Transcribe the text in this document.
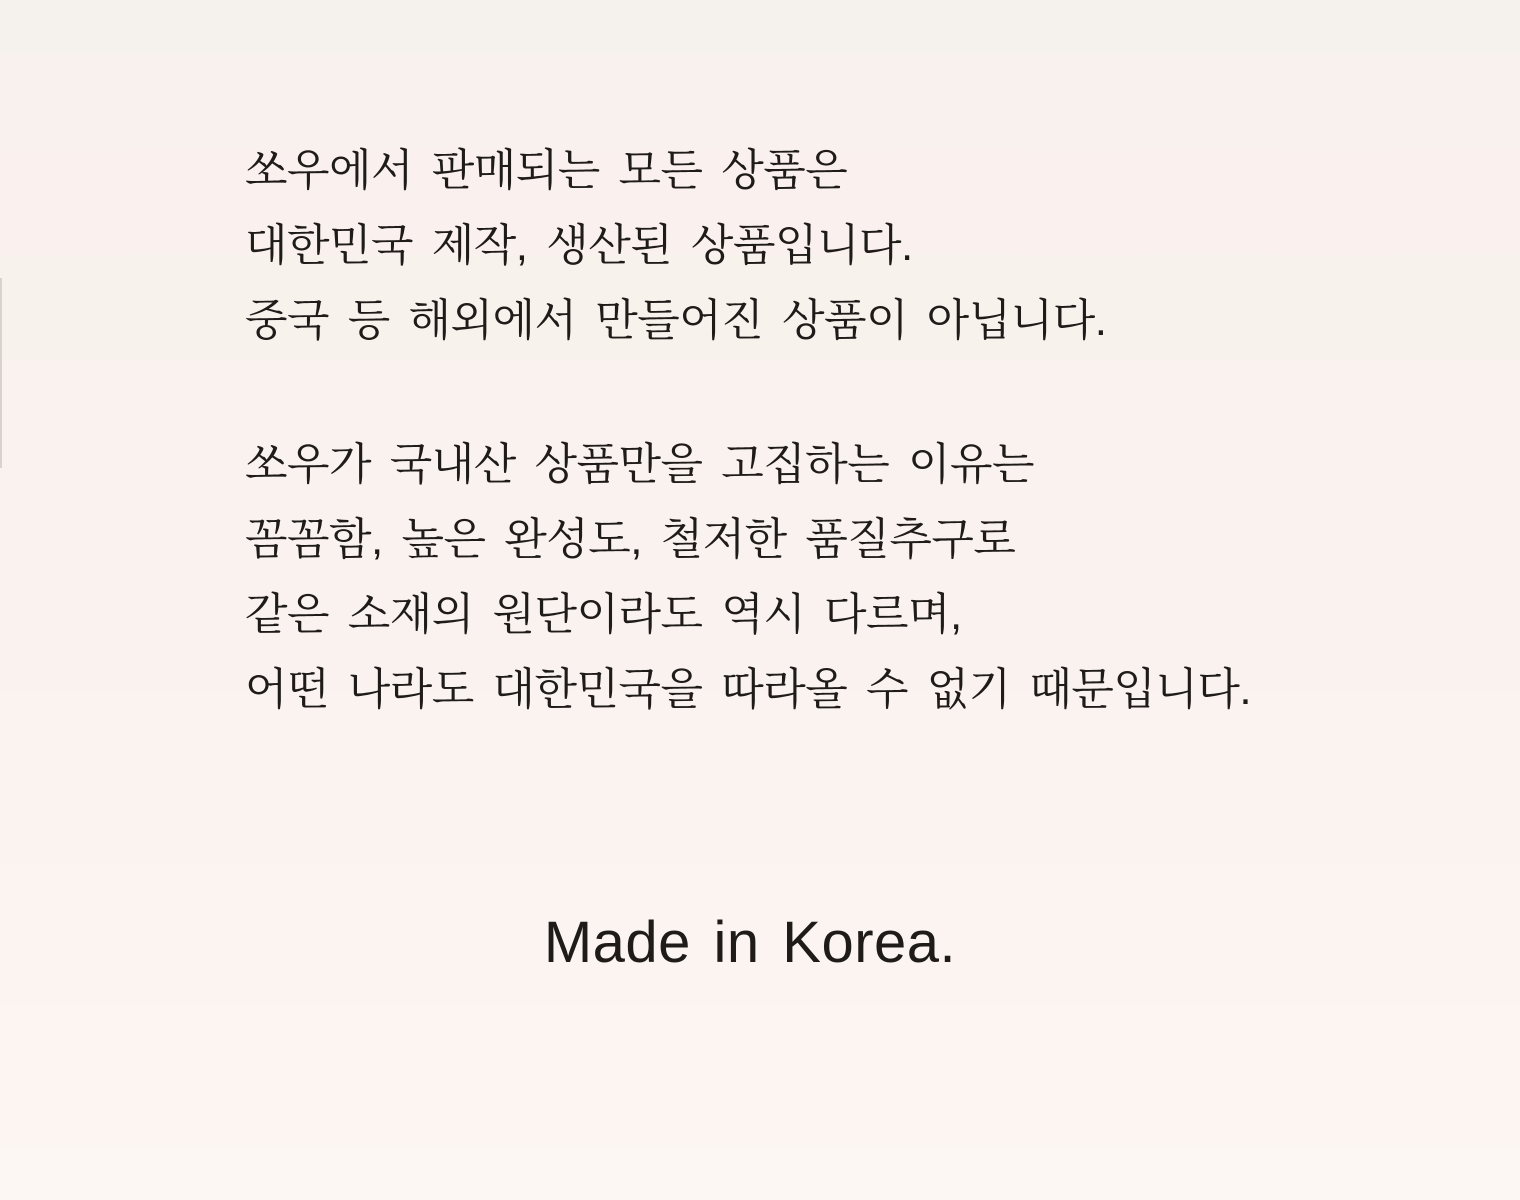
쏘우에서 판매되는 모든 상품은
대한민국 제작, 생산된 상품입니다.
중국 등 해외에서 만들어진 상품이 아닙니다.
쏘우가 국내산 상품만을 고집하는 이유는
꼼꼼함, 높은 완성도, 철저한 품질추구로
같은 소재의 원단이라도 역시 다르며,
어떤 나라도 대한민국을 따라올 수 없기 때문입니다.
Made in Korea.
